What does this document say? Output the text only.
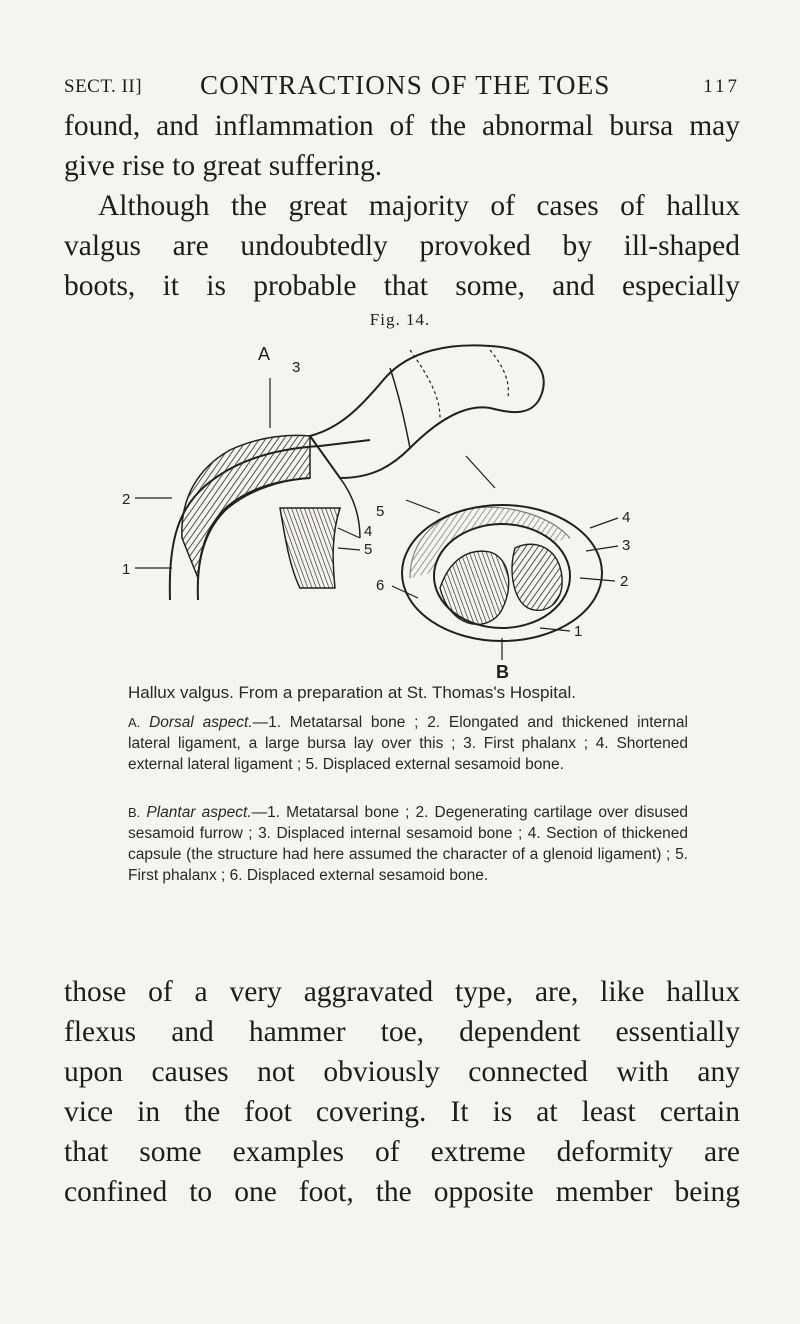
SECT. II] CONTRACTIONS OF THE TOES	117

found, and inflammation of the abnormal bursa may

give rise to great suffering.

Although the great majority of cases of hallux

valgus are undoubtedly provoked by ill-shaped

boots, it is probable that some, and especially

Fig. 14.
A
3
2
1
4
5
5
6
4
3
2
1
B
Hallux valgus. From a preparation at St. Thomas's Hospital.

A. Dorsal aspect.—1. Metatarsal bone ; 2. Elongated and thickened internal lateral ligament, a large bursa lay over this ; 3. First phalanx ; 4. Shortened external lateral ligament ; 5. Displaced external sesamoid bone.

B. Plantar aspect.—1. Metatarsal bone ; 2. Degenerating cartilage over disused sesamoid furrow ; 3. Displaced internal sesamoid bone ; 4. Section of thickened capsule (the structure had here assumed the character of a glenoid ligament) ; 5. First phalanx ; 6. Displaced external sesamoid bone.

those of a very aggravated type, are, like hallux

flexus and hammer toe, dependent essentially

upon causes not obviously connected with any

vice in the foot covering. It is at least certain

that some examples of extreme deformity are

confined to one foot, the opposite member being
